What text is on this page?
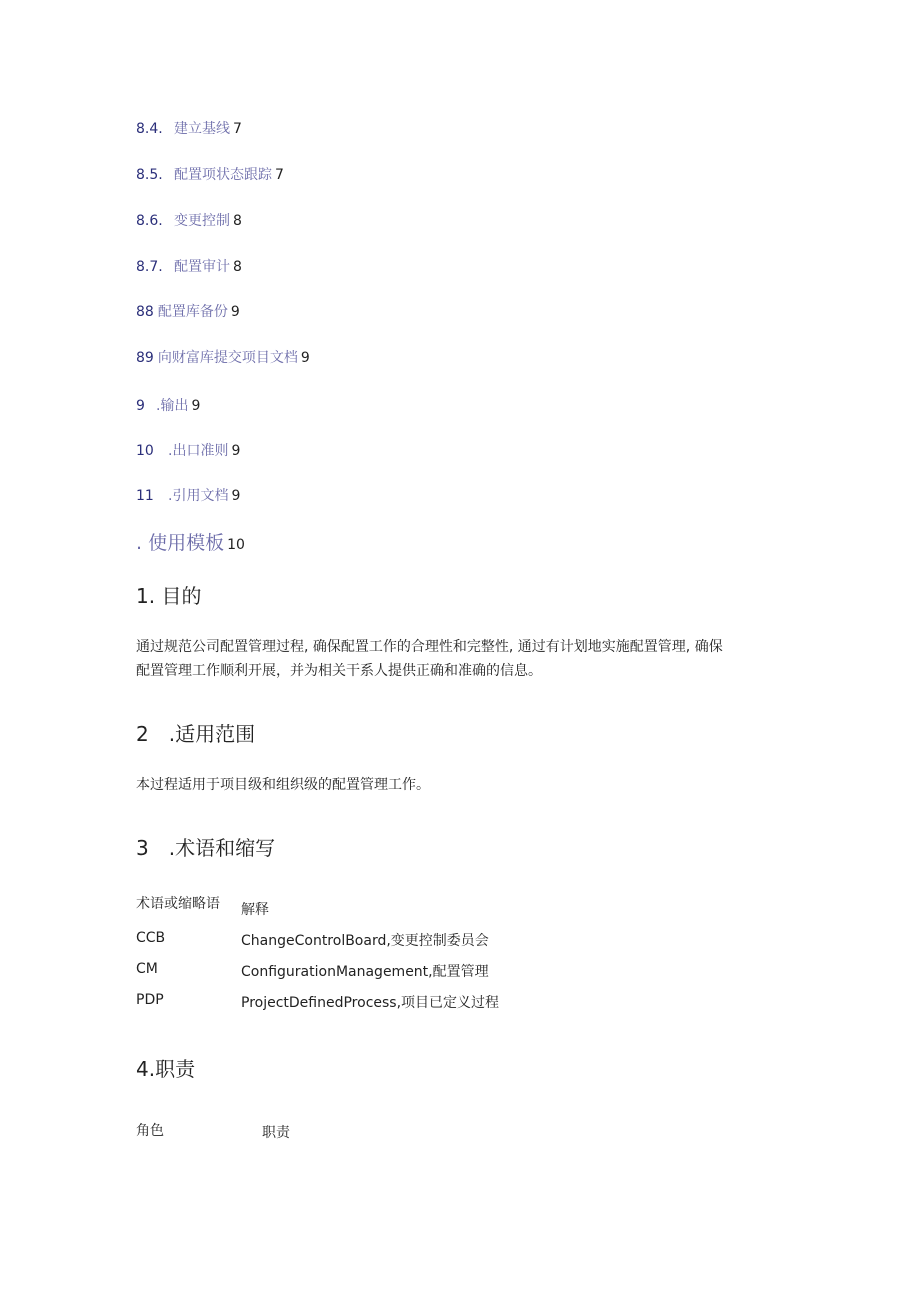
8.4. 建立基线 7
8.5. 配置项状态跟踪 7
8.6. 变更控制 8
8.7. 配置审计 8
88 配置库备份 9
89 向财富库提交项目文档 9
9 .输出 9
10 .出口准则 9
11 .引用文档 9
. 使用模板 10
1. 目的
通过规范公司配置管理过程, 确保配置工作的合理性和完整性, 通过有计划地实施配置管理, 确保
配置管理工作顺利开展，并为相关干系人提供正确和准确的信息。
2　.适用范围
本过程适用于项目级和组织级的配置管理工作。
3　.术语和缩写
术语或缩略语 解释
CCB	ChangeControlBoard,变更控制委员会
CM	ConfigurationManagement,配置管理
PDP	ProjectDefinedProcess,项目已定义过程
4.职责
角色	职责
